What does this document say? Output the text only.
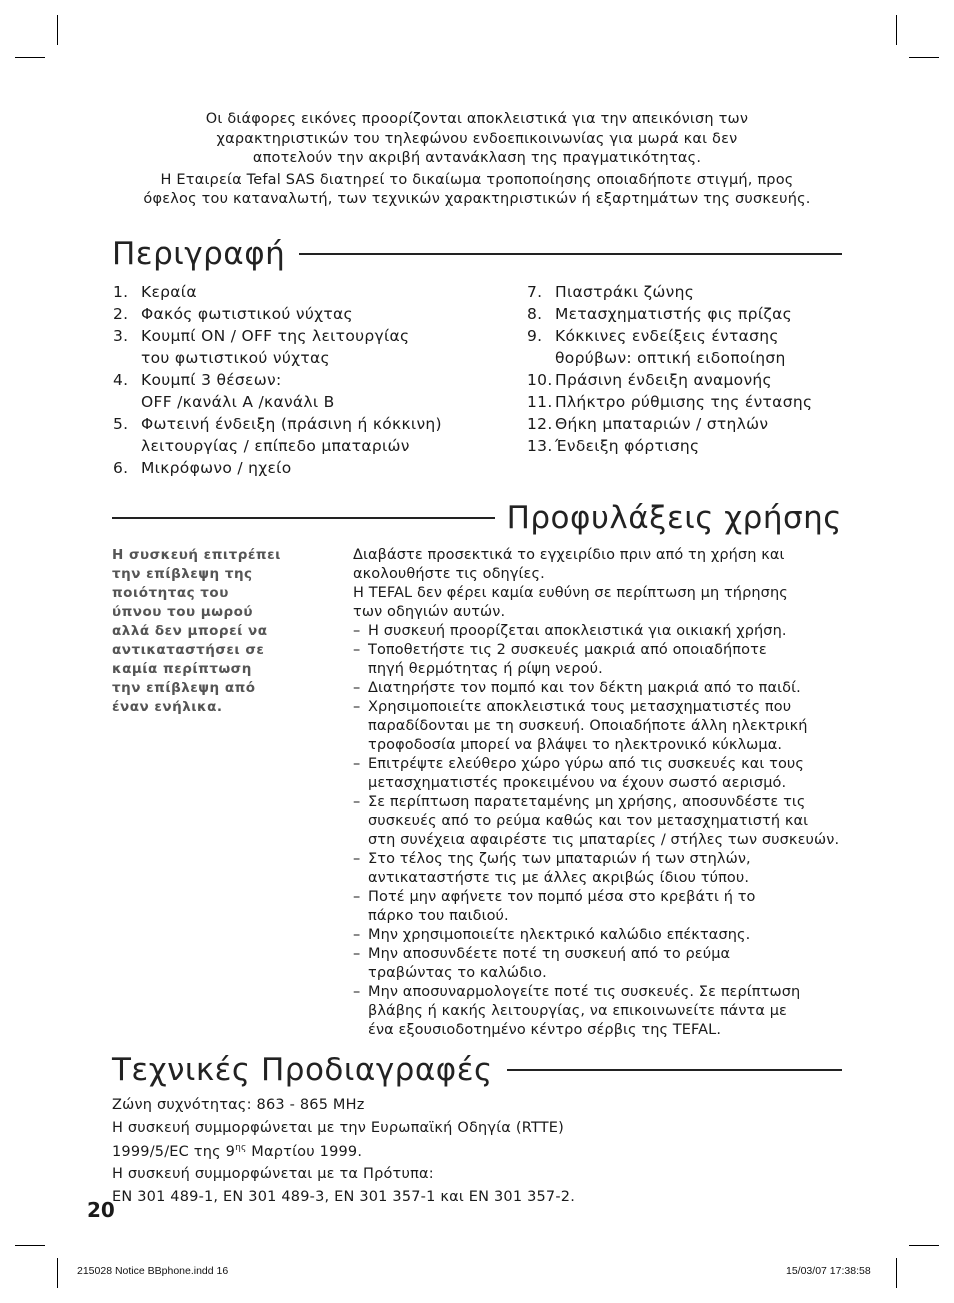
Οι διάφορες εικόνες προορίζονται αποκλειστικά για την απεικόνιση των

χαρακτηριστικών του τηλεφώνου ενδοεπικοινωνίας για μωρά και δεν

αποτελούν την ακριβή αντανάκλαση της πραγματικότητας.

Η Εταιρεία Tefal SAS διατηρεί το δικαίωμα τροποποίησης οποιαδήποτε στιγμή, προς

όφελος του καταναλωτή, των τεχνικών χαρακτηριστικών ή εξαρτημάτων της συσκευής.

Περιγραφή
1. Κεραία
2. Φακός φωτιστικού νύχτας
3. Κουμπί ON / OFF της λειτουργίας
του φωτιστικού νύχτας
4. Κουμπί 3 θέσεων:
OFF /κανάλι A /κανάλι B
5. Φωτεινή ένδειξη (πράσινη ή κόκκινη)
λειτουργίας / επίπεδο μπαταριών
6. Μικρόφωνο / ηχείο
7. Πιαστράκι ζώνης
8. Μετασχηματιστής φις πρίζας
9. Κόκκινες ενδείξεις έντασης
θορύβων: οπτική ειδοποίηση
10. Πράσινη ένδειξη αναμονής
11. Πλήκτρο ρύθμισης της έντασης
12. Θήκη μπαταριών / στηλών
13. Ένδειξη φόρτισης
Προφυλάξεις χρήσης
Η συσκευή επιτρέπει
την επίβλεψη της
ποιότητας του
ύπνου του μωρού
αλλά δεν μπορεί να
αντικαταστήσει σε
καμία περίπτωση
την επίβλεψη από
έναν ενήλικα.

Διαβάστε προσεκτικά το εγχειρίδιο πριν από τη χρήση και

ακολουθήστε τις οδηγίες.

Η TEFAL δεν φέρει καμία ευθύνη σε περίπτωση μη τήρησης

των οδηγιών αυτών.

– Η συσκευή προορίζεται αποκλειστικά για οικιακή χρήση.
– Τοποθετήστε τις 2 συσκευές μακριά από οποιαδήποτε
πηγή θερμότητας ή ρίψη νερού.
– Διατηρήστε τον πομπό και τον δέκτη μακριά από το παιδί.
– Χρησιμοποιείτε αποκλειστικά τους μετασχηματιστές που
παραδίδονται με τη συσκευή. Οποιαδήποτε άλλη ηλεκτρική
τροφοδοσία μπορεί να βλάψει το ηλεκτρονικό κύκλωμα.
– Επιτρέψτε ελεύθερο χώρο γύρω από τις συσκευές και τους
μετασχηματιστές προκειμένου να έχουν σωστό αερισμό.
– Σε περίπτωση παρατεταμένης μη χρήσης, αποσυνδέστε τις
συσκευές από το ρεύμα καθώς και τον μετασχηματιστή και
στη συνέχεια αφαιρέστε τις μπαταρίες / στήλες των συσκευών.
– Στο τέλος της ζωής των μπαταριών ή των στηλών,
αντικαταστήστε τις με άλλες ακριβώς ίδιου τύπου.
– Ποτέ μην αφήνετε τον πομπό μέσα στο κρεβάτι ή το
πάρκο του παιδιού.
– Μην χρησιμοποιείτε ηλεκτρικό καλώδιο επέκτασης.
– Μην αποσυνδέετε ποτέ τη συσκευή από το ρεύμα
τραβώντας το καλώδιο.
– Μην αποσυναρμολογείτε ποτέ τις συσκευές. Σε περίπτωση
βλάβης ή κακής λειτουργίας, να επικοινωνείτε πάντα με
ένα εξουσιοδοτημένο κέντρο σέρβις της TEFAL.
Τεχνικές Προδιαγραφές

Ζώνη συχνότητας: 863 - 865 MHz

Η συσκευή συμμορφώνεται με την Ευρωπαϊκή Οδηγία (RTTE)

1999/5/EC της $9^{\eta\varsigma}$ Μαρτίου 1999.

Η συσκευή συμμορφώνεται με τα Πρότυπα:

EN 301 489-1, EN 301 489-3, EN 301 357-1 και EN 301 357-2.

20
215028 Notice BBphone.indd 16	15/03/07 17:38:58
